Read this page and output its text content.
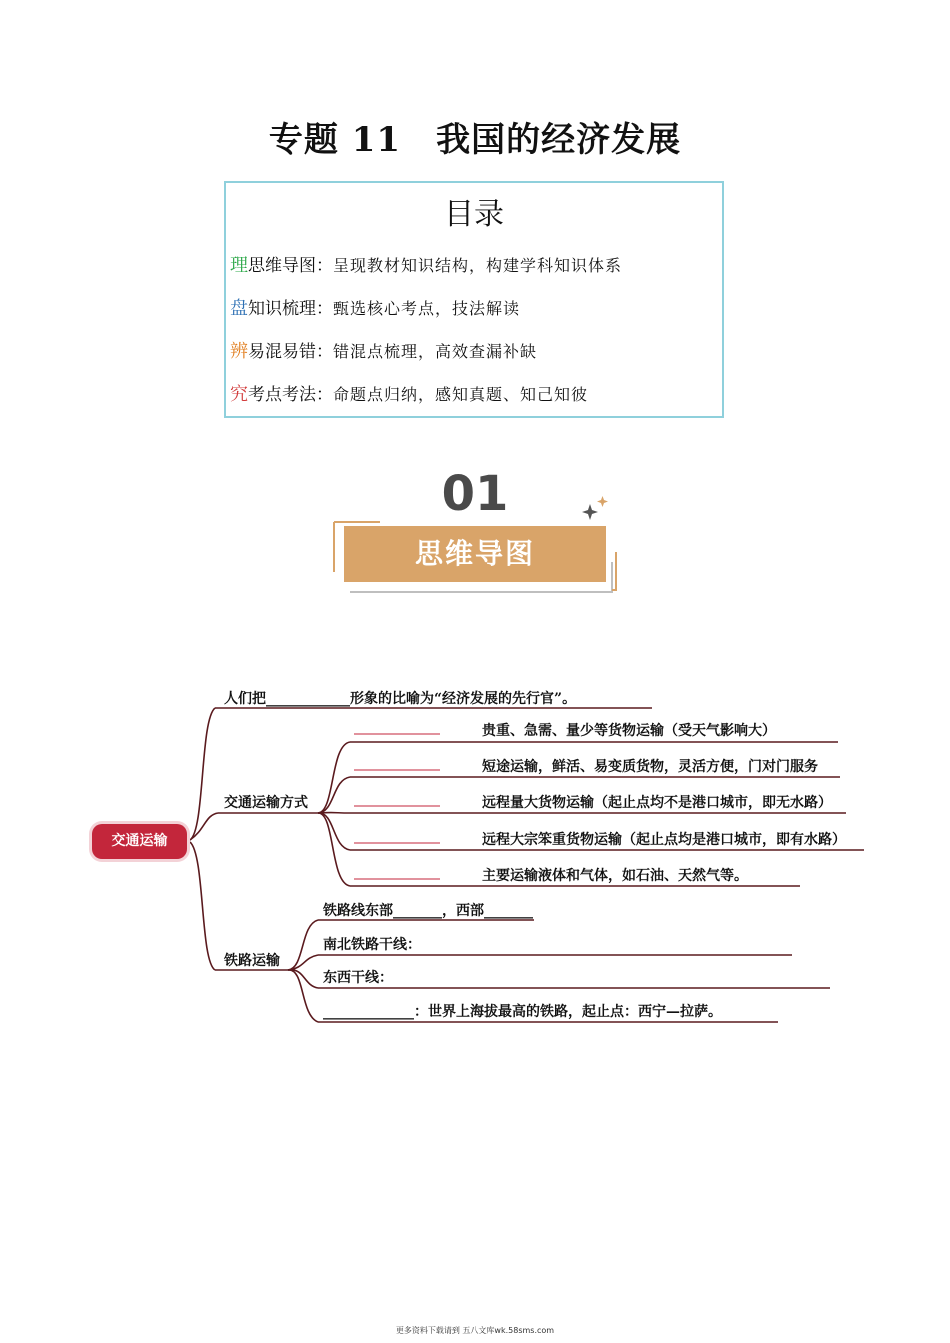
专题 11　我国的经济发展
目录
理思维导图：呈现教材知识结构，构建学科知识体系
盘知识梳理：甄选核心考点，技法解读
辨易混易错：错混点梳理，高效查漏补缺
究考点考法：命题点归纳，感知真题、知己知彼
01
思维导图
交通运输
人们把____________形象的比喻为“经济发展的先行官”。
交通运输方式
贵重、急需、量少等货物运输（受天气影响大）
短途运输，鲜活、易变质货物，灵活方便，门对门服务
远程量大货物运输（起止点均不是港口城市，即无水路）
远程大宗笨重货物运输（起止点均是港口城市，即有水路）
主要运输液体和气体，如石油、天然气等。
铁路运输
铁路线东部_______，西部_______
南北铁路干线：
东西干线：
_____________：世界上海拔最高的铁路，起止点：西宁—拉萨。
更多资料下载请到 五八文库wk.58sms.com
